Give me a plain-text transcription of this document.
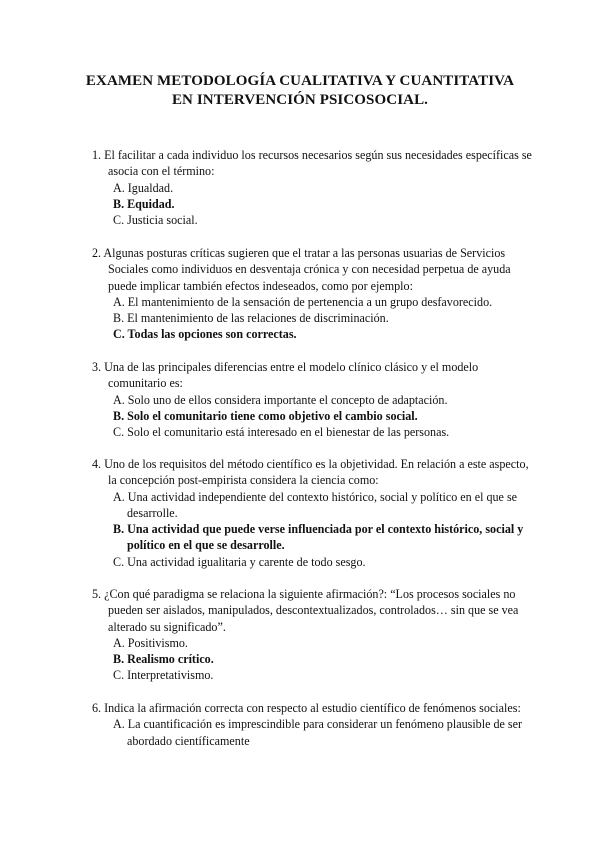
EXAMEN METODOLOGÍA CUALITATIVA Y CUANTITATIVA
EN INTERVENCIÓN PSICOSOCIAL.
1. El facilitar a cada individuo los recursos necesarios según sus necesidades específicas se asocia con el término:
A. Igualdad.
B. Equidad.
C. Justicia social.
2. Algunas posturas críticas sugieren que el tratar a las personas usuarias de Servicios Sociales como individuos en desventaja crónica y con necesidad perpetua de ayuda puede implicar también efectos indeseados, como por ejemplo:
A. El mantenimiento de la sensación de pertenencia a un grupo desfavorecido.
B. El mantenimiento de las relaciones de discriminación.
C. Todas las opciones son correctas.
3. Una de las principales diferencias entre el modelo clínico clásico y el modelo comunitario es:
A. Solo uno de ellos considera importante el concepto de adaptación.
B. Solo el comunitario tiene como objetivo el cambio social.
C. Solo el comunitario está interesado en el bienestar de las personas.
4. Uno de los requisitos del método científico es la objetividad. En relación a este aspecto, la concepción post-empirista considera la ciencia como:
A. Una actividad independiente del contexto histórico, social y político en el que se desarrolle.
B. Una actividad que puede verse influenciada por el contexto histórico, social y político en el que se desarrolle.
C. Una actividad igualitaria y carente de todo sesgo.
5. ¿Con qué paradigma se relaciona la siguiente afirmación?: “Los procesos sociales no pueden ser aislados, manipulados, descontextualizados, controlados… sin que se vea alterado su significado”.
A. Positivismo.
B. Realismo crítico.
C. Interpretativismo.
6. Indica la afirmación correcta con respecto al estudio científico de fenómenos sociales:
A. La cuantificación es imprescindible para considerar un fenómeno plausible de ser abordado científicamente
